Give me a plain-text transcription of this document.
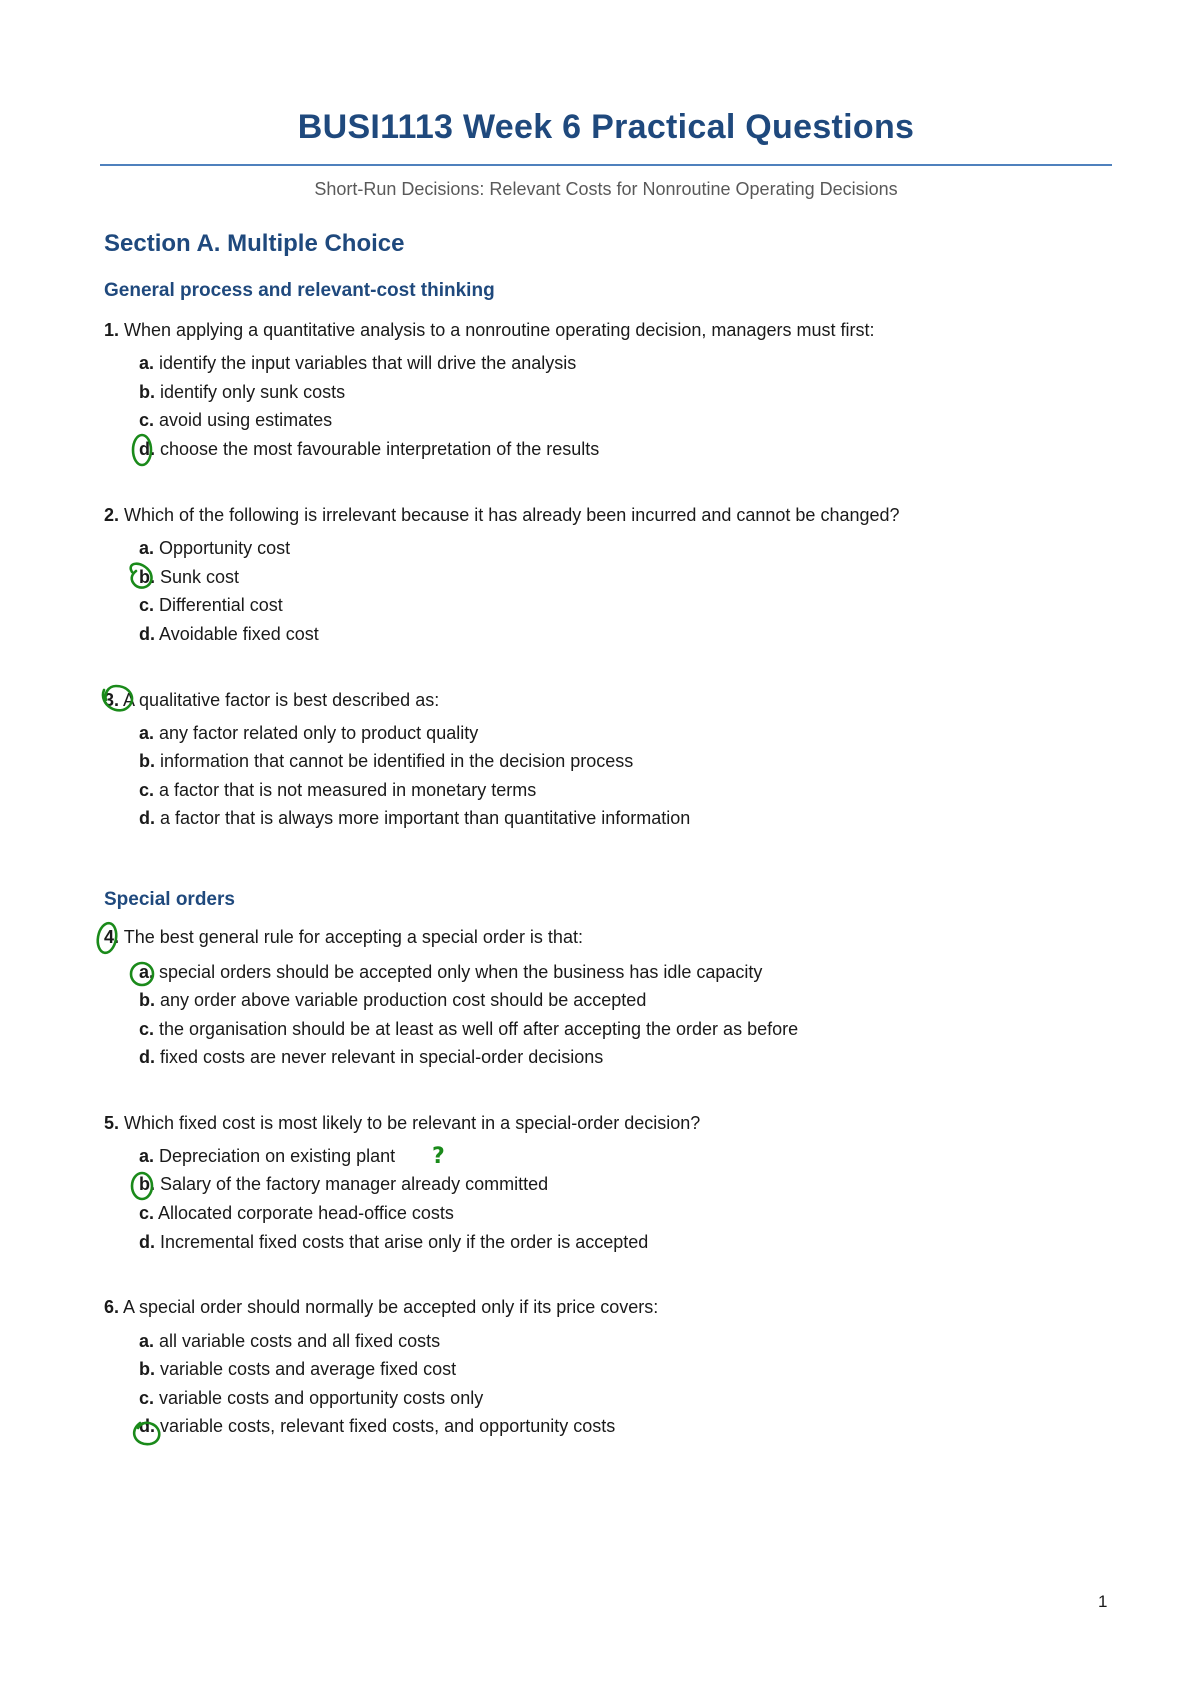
BUSI1113 Week 6 Practical Questions
Short-Run Decisions: Relevant Costs for Nonroutine Operating Decisions
Section A. Multiple Choice
General process and relevant-cost thinking
1. When applying a quantitative analysis to a nonroutine operating decision, managers must first:
a. identify the input variables that will drive the analysis
b. identify only sunk costs
c. avoid using estimates
d. choose the most favourable interpretation of the results
2. Which of the following is irrelevant because it has already been incurred and cannot be changed?
a. Opportunity cost
b. Sunk cost
c. Differential cost
d. Avoidable fixed cost
3. A qualitative factor is best described as:
a. any factor related only to product quality
b. information that cannot be identified in the decision process
c. a factor that is not measured in monetary terms
d. a factor that is always more important than quantitative information
Special orders
4. The best general rule for accepting a special order is that:
a. special orders should be accepted only when the business has idle capacity
b. any order above variable production cost should be accepted
c. the organisation should be at least as well off after accepting the order as before
d. fixed costs are never relevant in special-order decisions
5. Which fixed cost is most likely to be relevant in a special-order decision?
a. Depreciation on existing plant
b. Salary of the factory manager already committed
c. Allocated corporate head-office costs
d. Incremental fixed costs that arise only if the order is accepted
6. A special order should normally be accepted only if its price covers:
a. all variable costs and all fixed costs
b. variable costs and average fixed cost
c. variable costs and opportunity costs only
d. variable costs, relevant fixed costs, and opportunity costs
1
?
